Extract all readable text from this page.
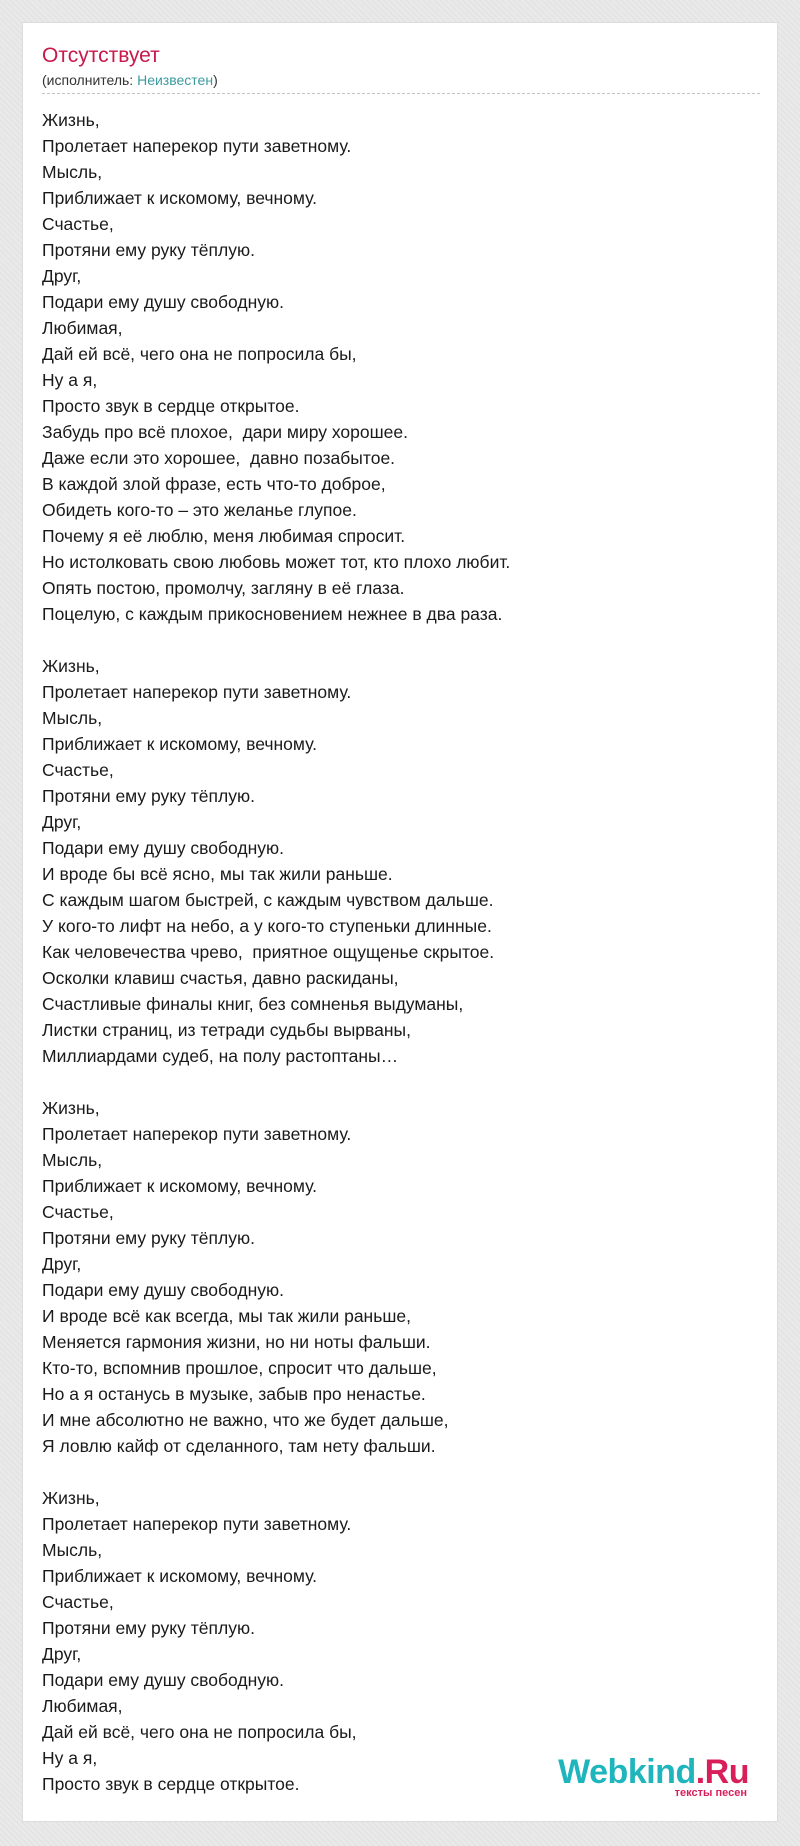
Отсутствует
(исполнитель: Неизвестен)
Жизнь,
Пролетает наперекор пути заветному.
Мысль,
Приближает к искомому, вечному.
Счастье,
Протяни ему руку тёплую.
Друг,
Подари ему душу свободную.
Любимая,
Дай ей всё, чего она не попросила бы,
Ну а я,
Просто звук в сердце открытое.
Забудь про всё плохое,  дари миру хорошее.
Даже если это хорошее,  давно позабытое.
В каждой злой фразе, есть что-то доброе,
Обидеть кого-то – это желанье глупое.
Почему я её люблю, меня любимая спросит.
Но истолковать свою любовь может тот, кто плохо любит.
Опять постою, промолчу, загляну в её глаза.
Поцелую, с каждым прикосновением нежнее в два раза.
Жизнь,
Пролетает наперекор пути заветному.
Мысль,
Приближает к искомому, вечному.
Счастье,
Протяни ему руку тёплую.
Друг,
Подари ему душу свободную.
И вроде бы всё ясно, мы так жили раньше.
С каждым шагом быстрей, с каждым чувством дальше.
У кого-то лифт на небо, а у кого-то ступеньки длинные.
Как человечества чрево,  приятное ощущенье скрытое.
Осколки клавиш счастья, давно раскиданы,
Счастливые финалы книг, без сомненья выдуманы,
Листки страниц, из тетради судьбы вырваны,
Миллиардами судеб, на полу растоптаны…
Жизнь,
Пролетает наперекор пути заветному.
Мысль,
Приближает к искомому, вечному.
Счастье,
Протяни ему руку тёплую.
Друг,
Подари ему душу свободную.
И вроде всё как всегда, мы так жили раньше,
Меняется гармония жизни, но ни ноты фальши.
Кто-то, вспомнив прошлое, спросит что дальше,
Но а я останусь в музыке, забыв про ненастье.
И мне абсолютно не важно, что же будет дальше,
Я ловлю кайф от сделанного, там нету фальши.
Жизнь,
Пролетает наперекор пути заветному.
Мысль,
Приближает к искомому, вечному.
Счастье,
Протяни ему руку тёплую.
Друг,
Подари ему душу свободную.
Любимая,
Дай ей всё, чего она не попросила бы,
Ну а я,
Просто звук в сердце открытое.	Webkind.Ru
тексты песен
